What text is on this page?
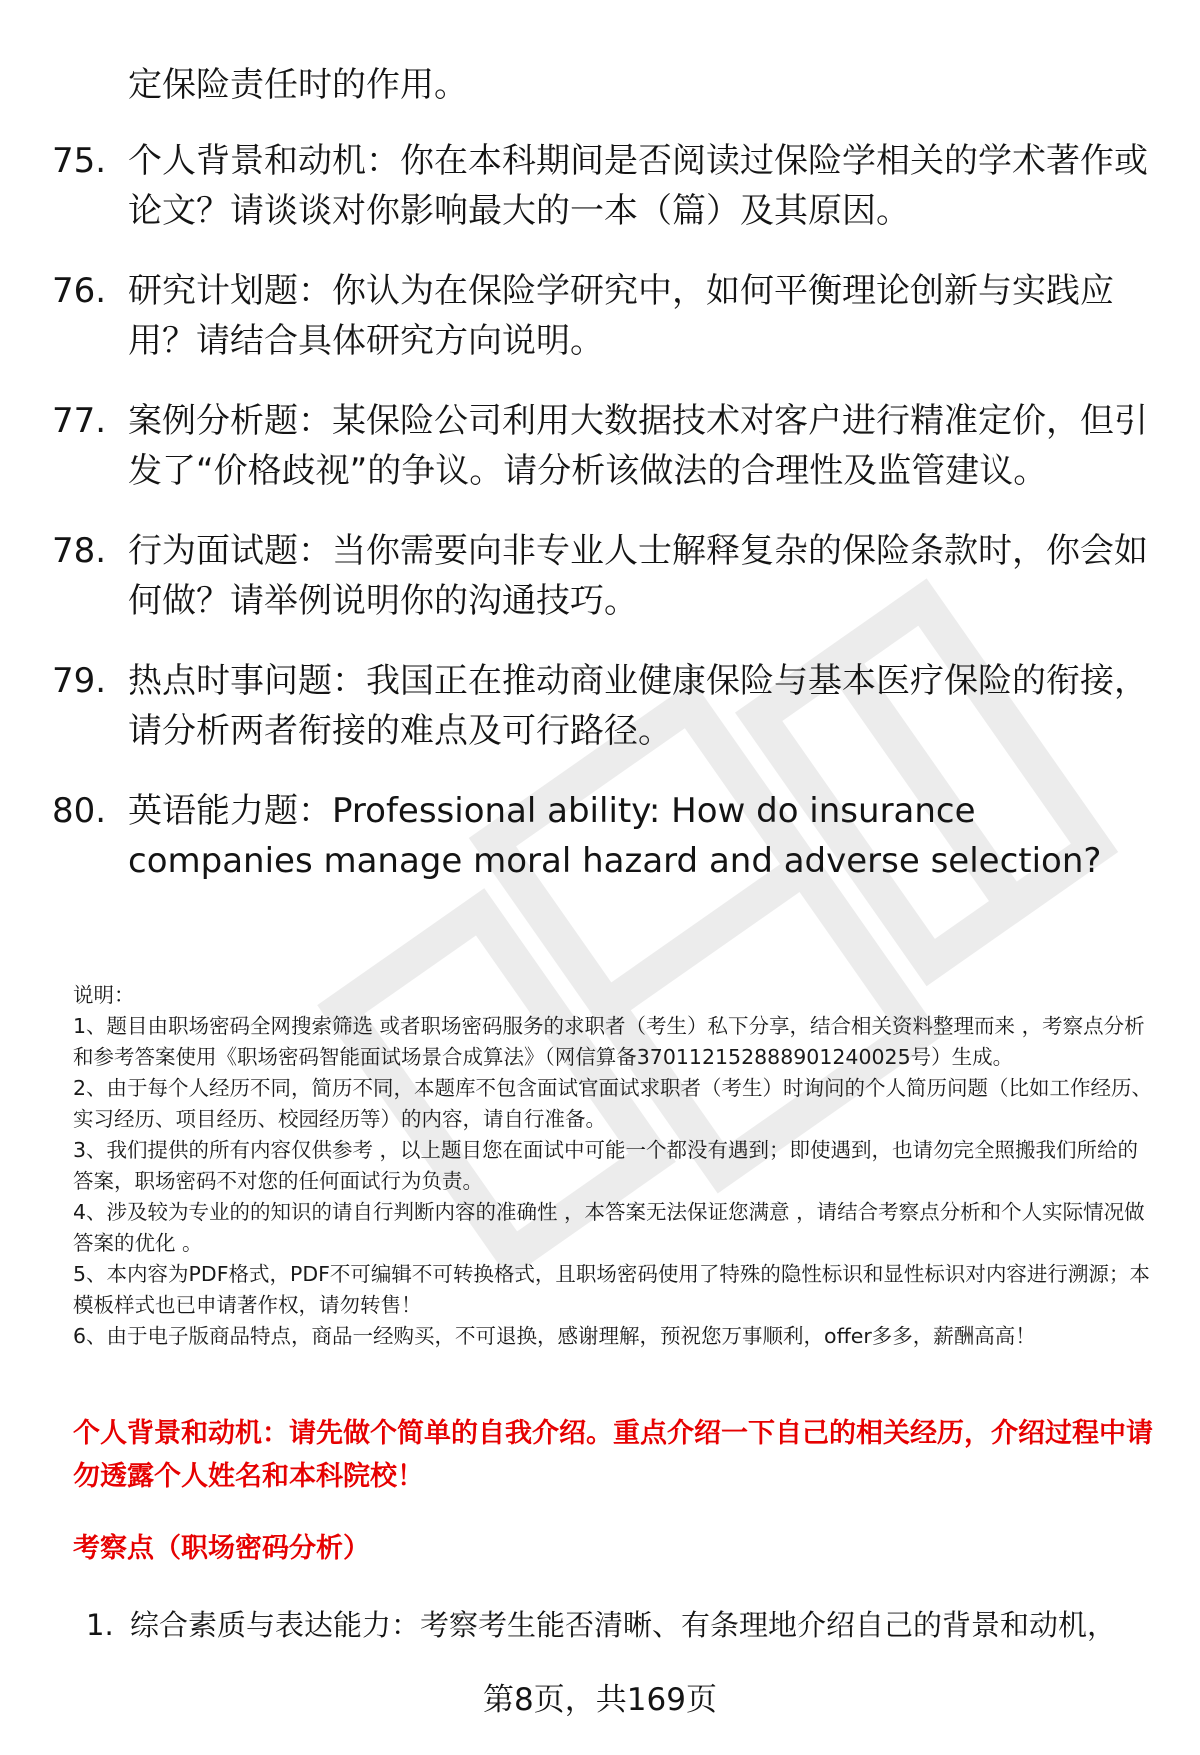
定保险责任时的作用。
75. 个人背景和动机：你在本科期间是否阅读过保险学相关的学术著作或论文？请谈谈对你影响最大的一本（篇）及其原因。
76. 研究计划题：你认为在保险学研究中，如何平衡理论创新与实践应用？请结合具体研究方向说明。
77. 案例分析题：某保险公司利用大数据技术对客户进行精准定价，但引发了“价格歧视”的争议。请分析该做法的合理性及监管建议。
78. 行为面试题：当你需要向非专业人士解释复杂的保险条款时，你会如何做？请举例说明你的沟通技巧。
79. 热点时事问题：我国正在推动商业健康保险与基本医疗保险的衔接，请分析两者衔接的难点及可行路径。
80. 英语能力题：Professional ability: How do insurance companies manage moral hazard and adverse selection?

说明：

1、题目由职场密码全网搜索筛选 或者职场密码服务的求职者（考生）私下分享，结合相关资料整理而来 ，考察点分析和参考答案使用《职场密码智能面试场景合成算法》（网信算备370112152888901240025号）生成。

2、由于每个人经历不同，简历不同，本题库不包含面试官面试求职者（考生）时询问的个人简历问题（比如工作经历、实习经历、项目经历、校园经历等）的内容，请自行准备。

3、我们提供的所有内容仅供参考 ，以上题目您在面试中可能一个都没有遇到；即使遇到，也请勿完全照搬我们所给的答案，职场密码不对您的任何面试行为负责。

4、涉及较为专业的的知识的请自行判断内容的准确性 ，本答案无法保证您满意 ，请结合考察点分析和个人实际情况做答案的优化 。

5、本内容为PDF格式，PDF不可编辑不可转换格式，且职场密码使用了特殊的隐性标识和显性标识对内容进行溯源；本模板样式也已申请著作权，请勿转售！

6、由于电子版商品特点，商品一经购买，不可退换，感谢理解，预祝您万事顺利，offer多多，薪酬高高！

个人背景和动机：请先做个简单的自我介绍。重点介绍一下自己的相关经历，介绍过程中请勿透露个人姓名和本科院校！
考察点（职场密码分析）
1. 综合素质与表达能力：考察考生能否清晰、有条理地介绍自己的背景和动机，
第8页，共169页
